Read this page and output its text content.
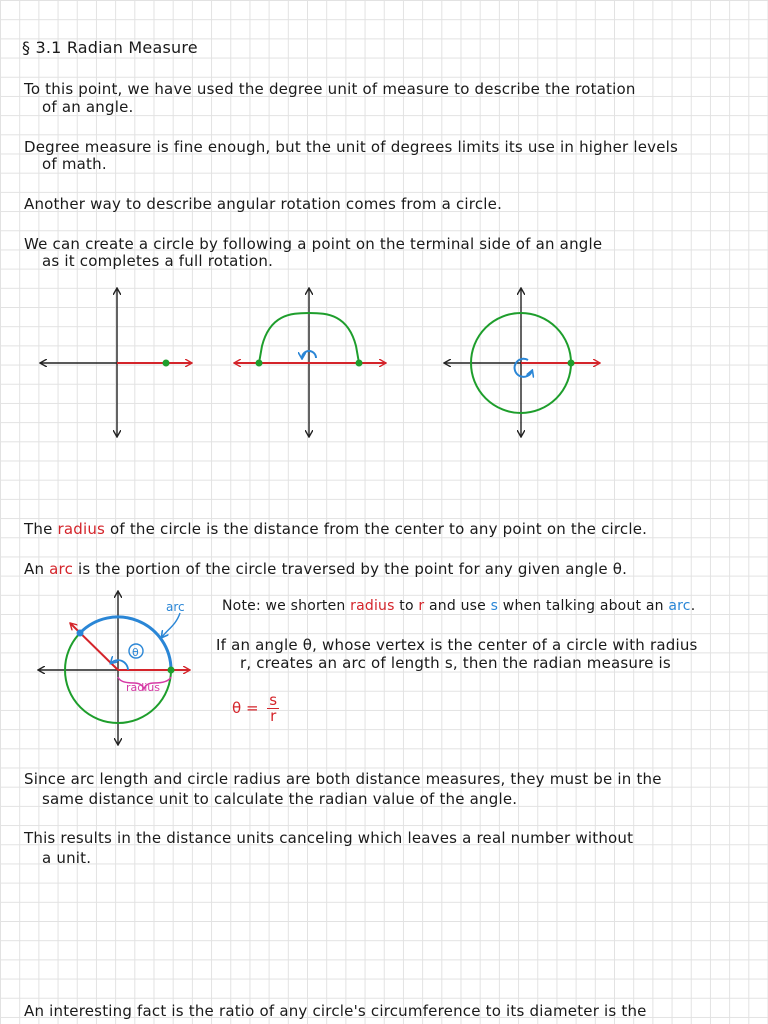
§ 3.1 Radian Measure
To this point, we have used the degree unit of measure to describe the rotation
of an angle.
Degree measure is fine enough, but the unit of degrees limits its use in higher levels
of math.
Another way to describe angular rotation comes from a circle.
We can create a circle by following a point on the terminal side of an angle
as it completes a full rotation.
The radius of the circle is the distance from the center to any point on the circle.
An arc is the portion of the circle traversed by the point for any given angle θ.
arc
θ
radius
Note: we shorten radius to r and use s when talking about an arc.
If an angle θ, whose vertex is the center of a circle with radius
r, creates an arc of length s, then the radian measure is
$\theta = \frac{s}{r}$
Since arc length and circle radius are both distance measures, they must be in the
same distance unit to calculate the radian value of the angle.
This results in the distance units canceling which leaves a real number without
a unit.
An interesting fact is the ratio of any circle's circumference to its diameter is the
